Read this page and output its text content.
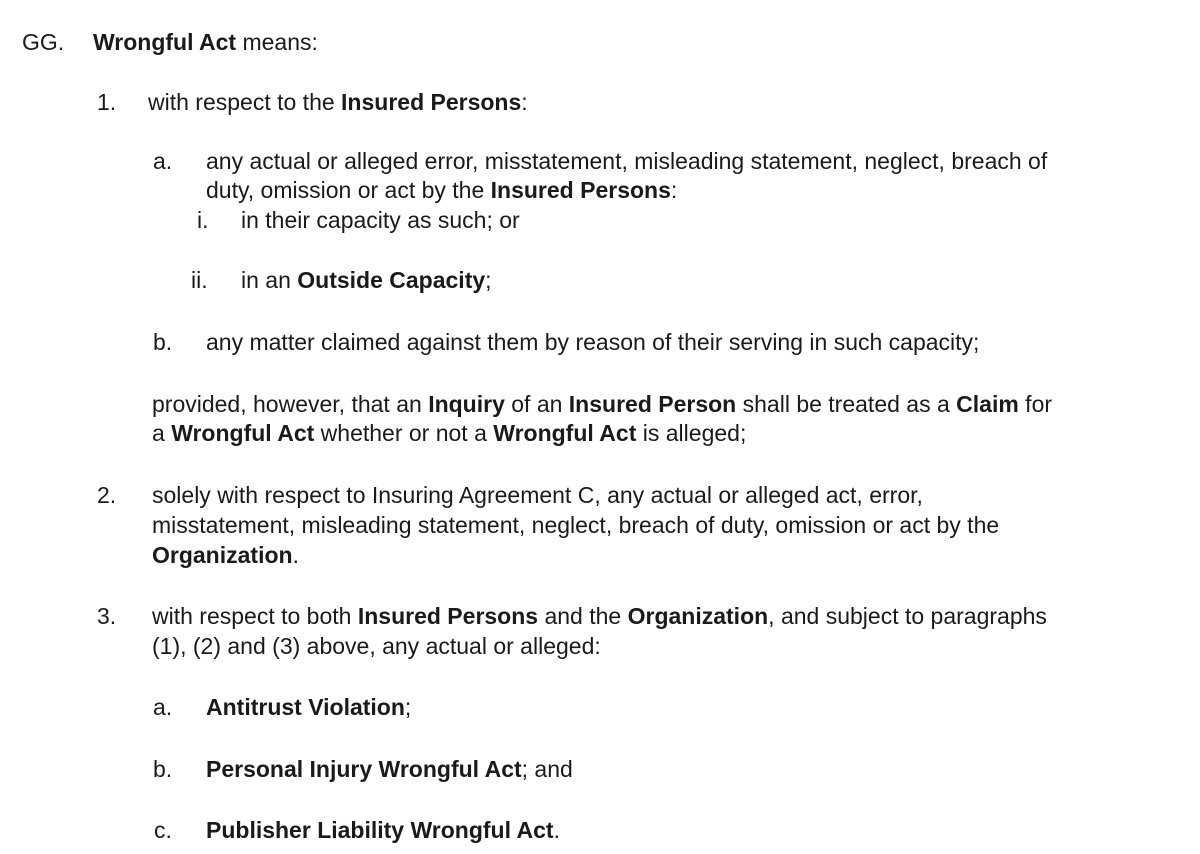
GG. Wrongful Act means:
1. with respect to the Insured Persons:
a. any actual or alleged error, misstatement, misleading statement, neglect, breach of
duty, omission or act by the Insured Persons:
i. in their capacity as such; or
ii. in an Outside Capacity;
b. any matter claimed against them by reason of their serving in such capacity;
provided, however, that an Inquiry of an Insured Person shall be treated as a Claim for
a Wrongful Act whether or not a Wrongful Act is alleged;
2. solely with respect to Insuring Agreement C, any actual or alleged act, error,
misstatement, misleading statement, neglect, breach of duty, omission or act by the
Organization.
3. with respect to both Insured Persons and the Organization, and subject to paragraphs
(1), (2) and (3) above, any actual or alleged:
a. Antitrust Violation;
b. Personal Injury Wrongful Act; and
c. Publisher Liability Wrongful Act.
